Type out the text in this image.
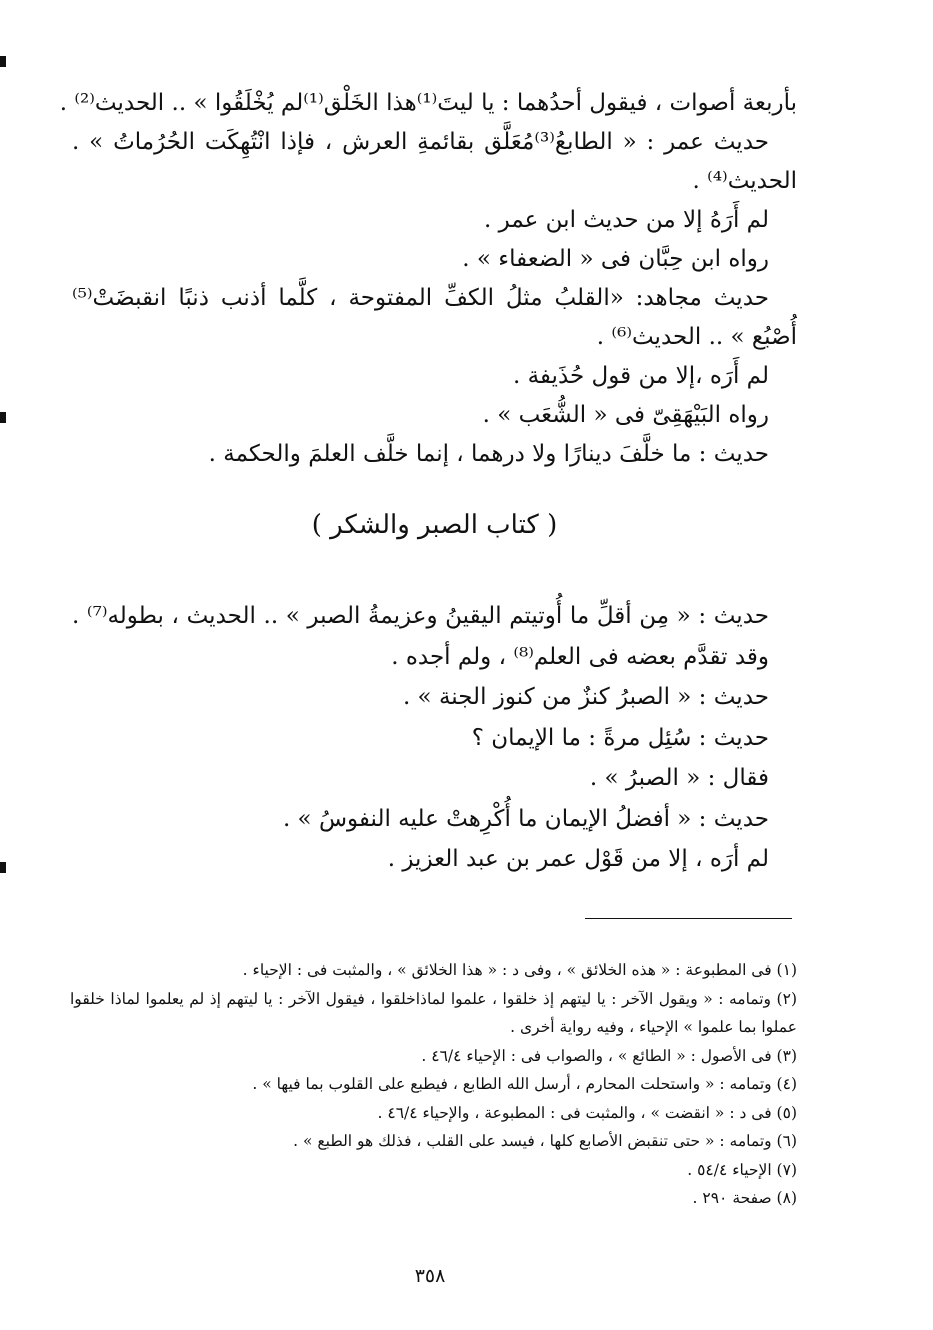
بأربعة أصوات ، فيقول أحدُهما : يا ليتَ⁽¹⁾هذا الخَلْق⁽¹⁾لم يُخْلَقُوا » .. الحديث⁽²⁾ .
حديث عمر : « الطابعُ⁽³⁾مُعَلَّق بقائمةِ العرش ، فإذا انْتُهِكَت الحُرُماتُ » .
الحديث⁽⁴⁾ .
لم أَرَهُ إلا من حديث ابن عمر .
رواه ابن حِبَّان فى « الضعفاء » .
حديث مجاهد: «القلبُ مثلُ الكفِّ المفتوحة ، كلَّما أذنب ذنبًا انقبضَتْ⁽⁵⁾
أُصْبُع » .. الحديث⁽⁶⁾ .
لم أَرَه ،إلا من قول حُذَيفة .
رواه البَيْهَقِىّ فى « الشُّعَب » .
حديث : ما خلَّفَ دينارًا ولا درهما ، إنما خلَّف العلمَ والحكمة .
( كتاب الصبر والشكر )
حديث : « مِن أقلِّ ما أُوتيتم اليقينُ وعزيمةُ الصبر » .. الحديث ، بطوله⁽⁷⁾ .
وقد تقدَّم بعضه فى العلم⁽⁸⁾ ، ولم أجده .
حديث : « الصبرُ كنزٌ من كنوز الجنة » .
حديث : سُئِل مرةً : ما الإيمان ؟
فقال : « الصبرُ » .
حديث : « أفضلُ الإيمان ما أُكْرِهتْ عليه النفوسُ » .
لم أرَه ، إلا من قَوْل عمر بن عبد العزيز .
(١) فى المطبوعة : « هذه الخلائق » ، وفى د : « هذا الخلائق » ، والمثبت فى : الإحياء .
(٢) وتمامه : « ويقول الآخر : يا ليتهم إذ خلقوا ، علموا لماذاخلقوا ، فيقول الآخر : يا ليتهم إذ لم يعلموا لماذا خلقوا
عملوا بما علموا » الإحياء ، وفيه رواية أخرى .
(٣) فى الأصول : « الطائع » ، والصواب فى : الإحياء ٤٦/٤ .
(٤) وتمامه : « واستحلت المحارم ، أرسل الله الطابع ، فيطبع على القلوب بما فيها » .
(٥) فى د : « انقضت » ، والمثبت فى : المطبوعة ، والإحياء ٤٦/٤ .
(٦) وتمامه : « حتى تنقبض الأصابع كلها ، فيسد على القلب ، فذلك هو الطبع » .
(٧) الإحياء ٥٤/٤ .
(٨) صفحة ٢٩٠ .
٣٥٨
